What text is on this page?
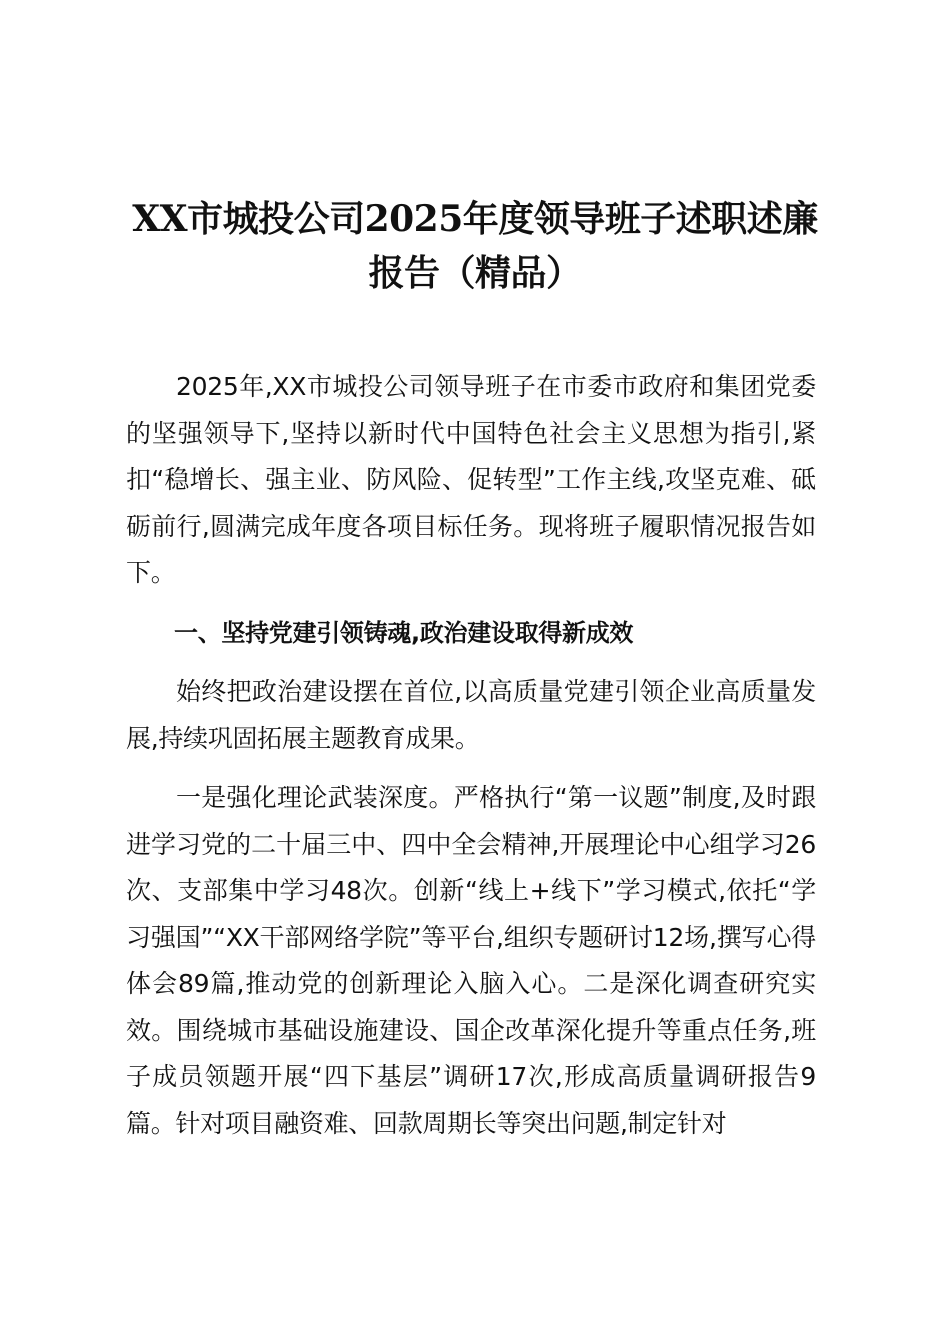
XX市城投公司2025年度领导班子述职述廉报告（精品）

2025年,XX市城投公司领导班子在市委市政府和集团党委的坚强领导下,坚持以新时代中国特色社会主义思想为指引,紧扣“稳增长、强主业、防风险、促转型”工作主线,攻坚克难、砥砺前行,圆满完成年度各项目标任务。现将班子履职情况报告如下。

一、坚持党建引领铸魂,政治建设取得新成效

始终把政治建设摆在首位,以高质量党建引领企业高质量发展,持续巩固拓展主题教育成果。

一是强化理论武装深度。严格执行“第一议题”制度,及时跟进学习党的二十届三中、四中全会精神,开展理论中心组学习26次、支部集中学习48次。创新“线上+线下”学习模式,依托“学习强国”“XX干部网络学院”等平台,组织专题研讨12场,撰写心得体会89篇,推动党的创新理论入脑入心。二是深化调查研究实效。围绕城市基础设施建设、国企改革深化提升等重点任务,班子成员领题开展“四下基层”调研17次,形成高质量调研报告9篇。针对项目融资难、回款周期长等突出问题,制定针对
